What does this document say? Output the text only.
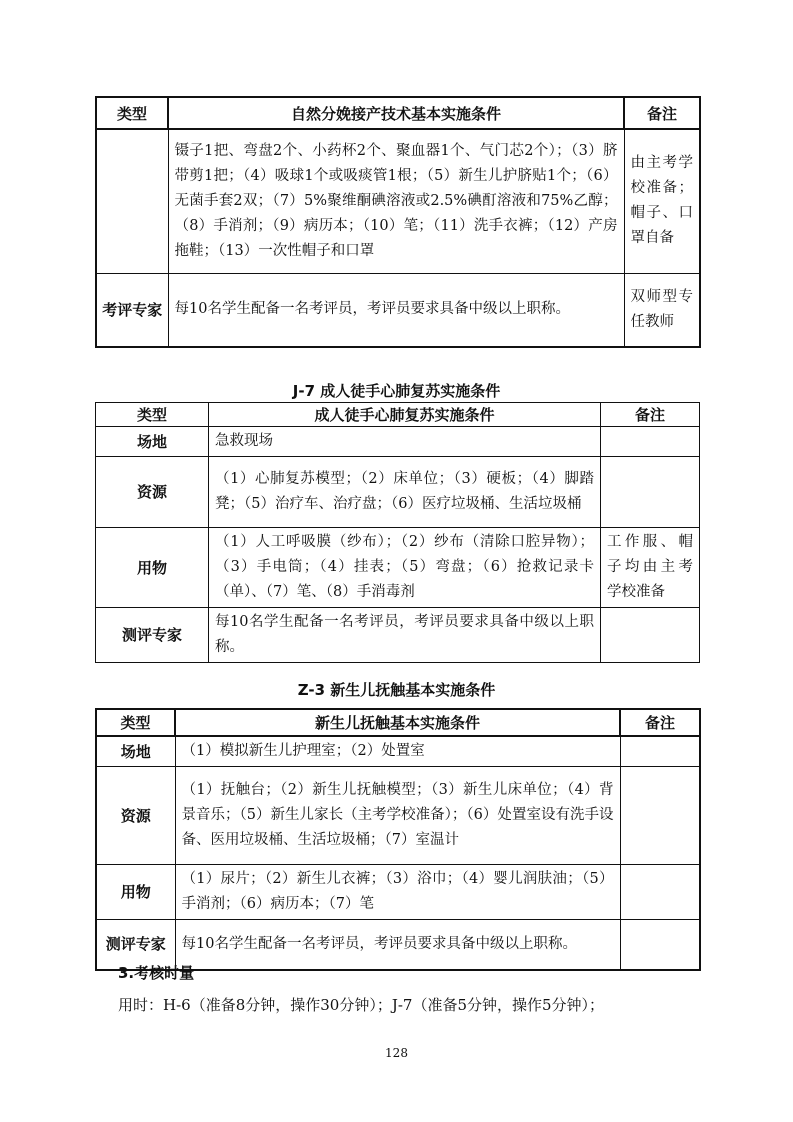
类型	自然分娩接产技术基本实施条件	备注
	镊子1把、弯盘2个、小药杯2个、聚血器1个、气门芯2个）；（3）脐带剪1把；（4）吸球1个或吸痰管1根；（5）新生儿护脐贴1个；（6）无菌手套2双；（7）5%聚维酮碘溶液或2.5%碘酊溶液和75%乙醇；（8）手消剂；（9）病历本；（10）笔；（11）洗手衣裤；（12）产房拖鞋；（13）一次性帽子和口罩	由主考学校准备；帽子、口罩自备
考评专家	每10名学生配备一名考评员，考评员要求具备中级以上职称。	双师型专任教师
J-7 成人徒手心肺复苏实施条件
类型	成人徒手心肺复苏实施条件	备注
场地	急救现场	
资源	（1）心肺复苏模型；（2）床单位；（3）硬板；（4）脚踏凳；（5）治疗车、治疗盘；（6）医疗垃圾桶、生活垃圾桶	
用物	（1）人工呼吸膜（纱布）；（2）纱布（清除口腔异物）；（3）手电筒；（4）挂表；（5）弯盘；（6）抢救记录卡（单）、（7）笔、（8）手消毒剂	工作服、帽子均由主考学校准备
测评专家	每10名学生配备一名考评员，考评员要求具备中级以上职称。	
Z-3 新生儿抚触基本实施条件
类型	新生儿抚触基本实施条件	备注
场地	（1）模拟新生儿护理室；（2）处置室	
资源	（1）抚触台；（2）新生儿抚触模型；（3）新生儿床单位；（4）背景音乐；（5）新生儿家长（主考学校准备）；（6）处置室设有洗手设备、医用垃圾桶、生活垃圾桶；（7）室温计	
用物	（1）尿片；（2）新生儿衣裤；（3）浴巾；（4）婴儿润肤油；（5）手消剂；（6）病历本；（7）笔	
测评专家	每10名学生配备一名考评员，考评员要求具备中级以上职称。	
3.考核时量
用时：H-6（准备8分钟，操作30分钟）；J-7（准备5分钟，操作5分钟）；
128
